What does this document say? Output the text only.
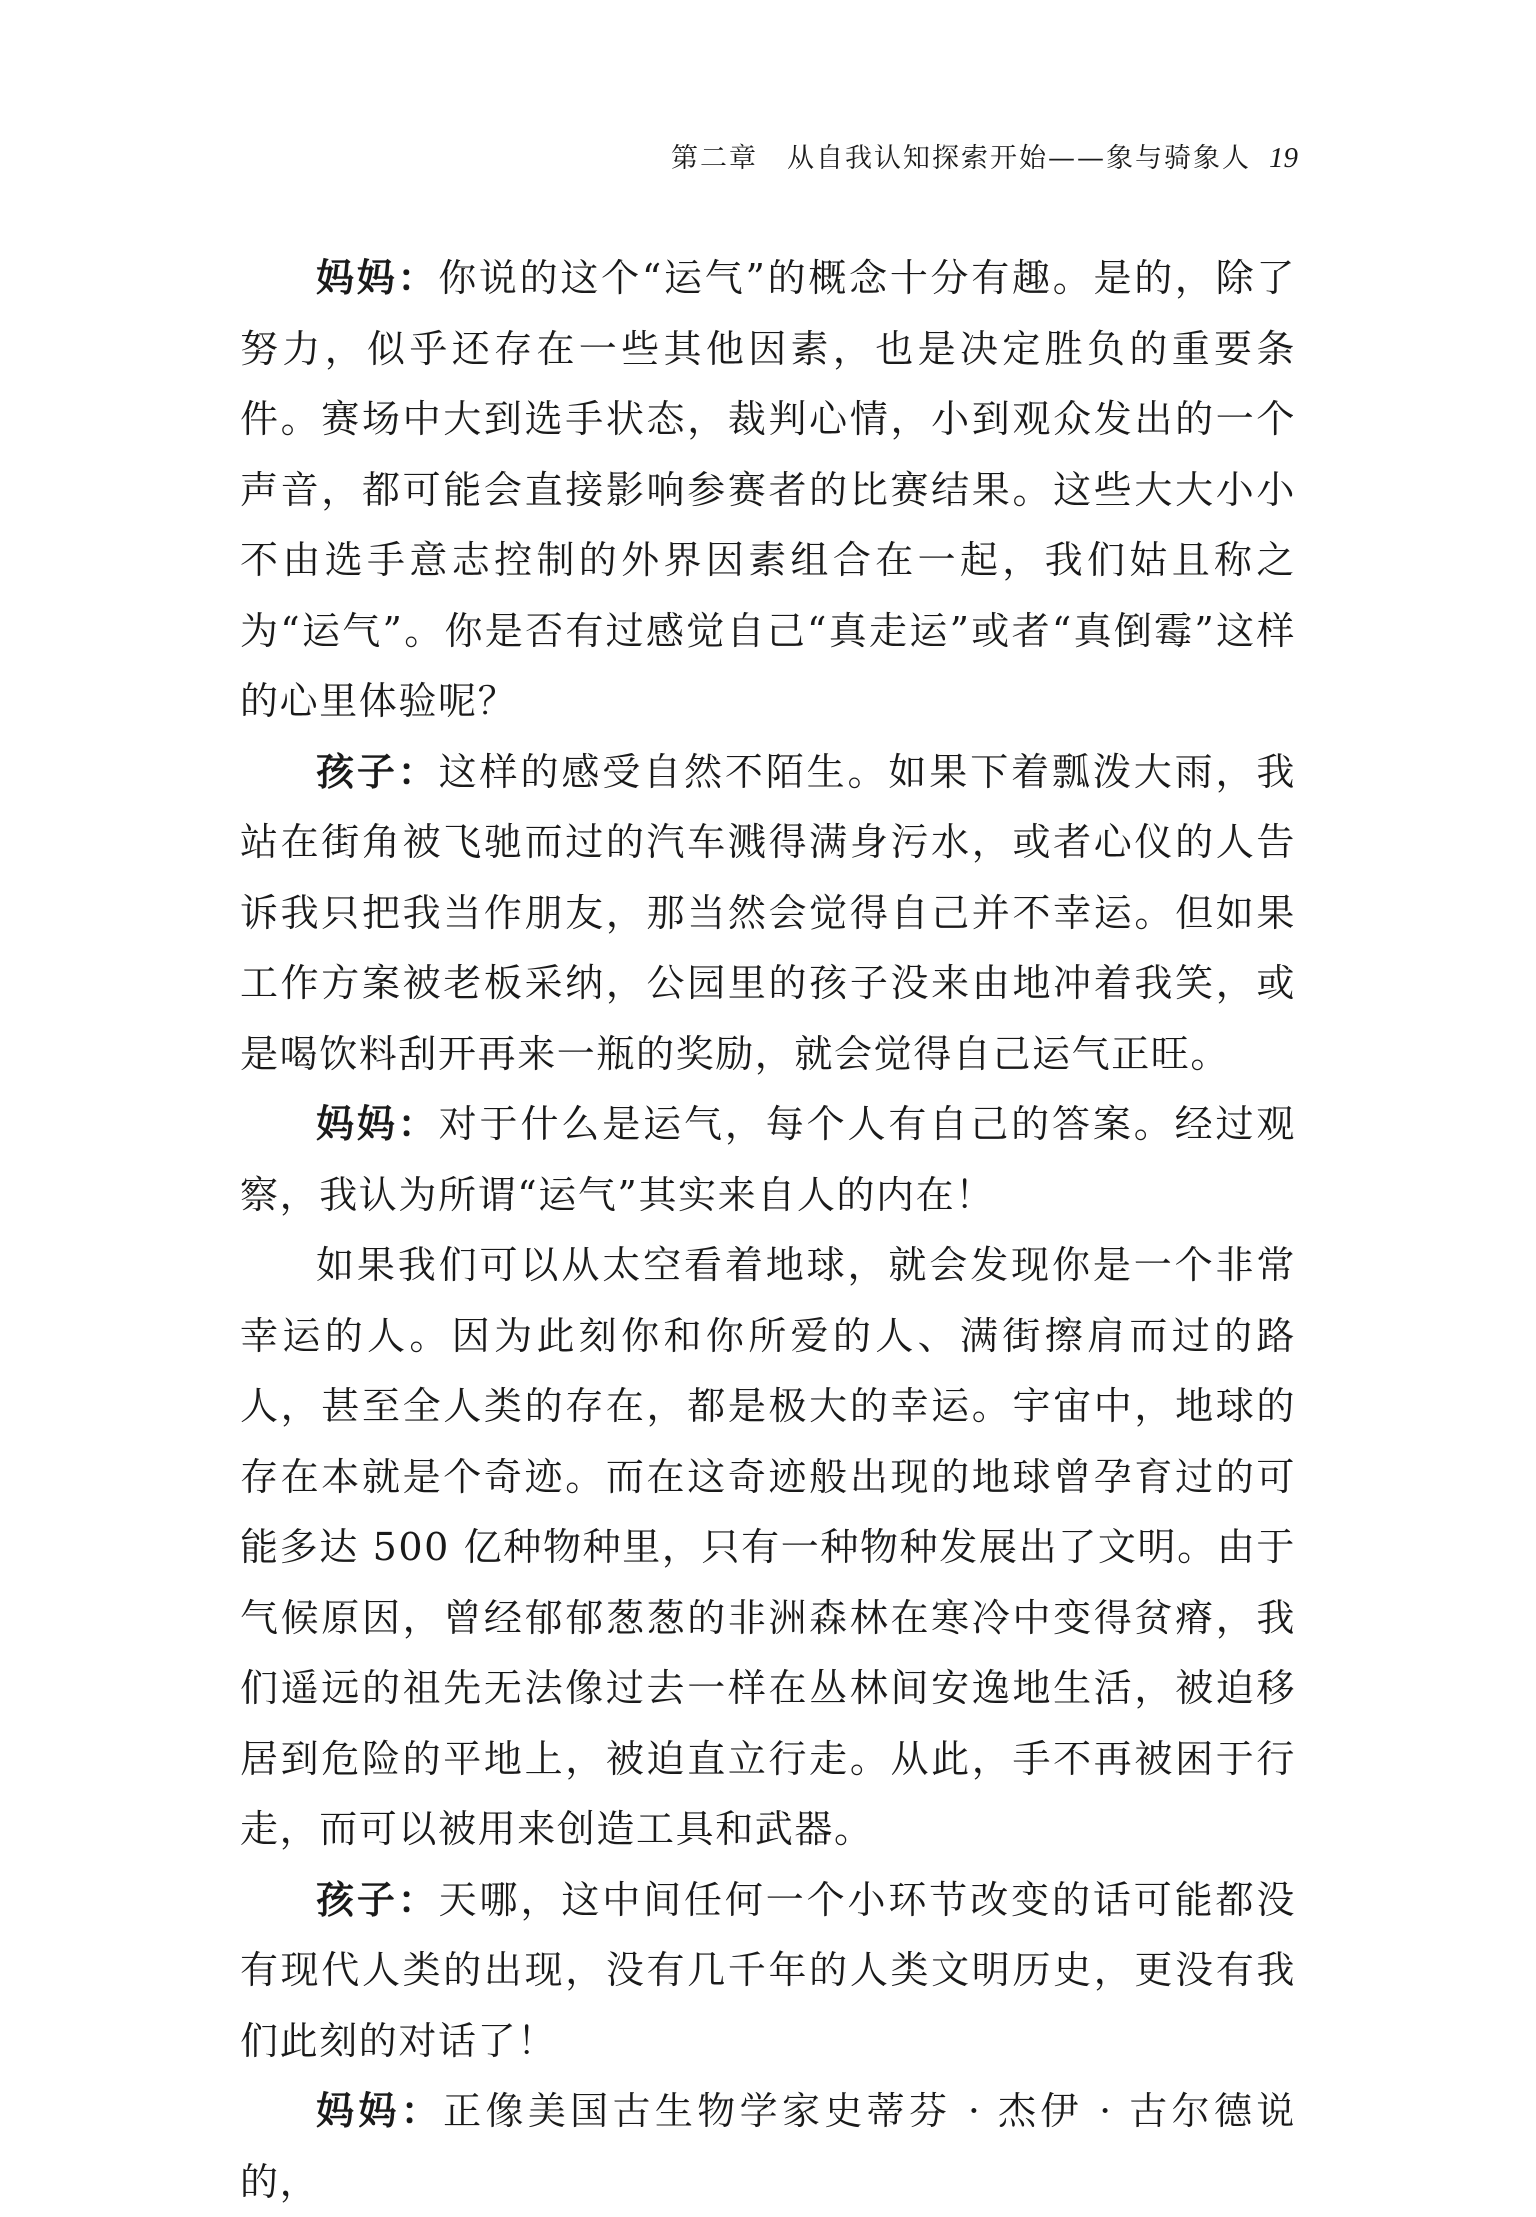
第二章　从自我认知探索开始——象与骑象人 19

妈妈：你说的这个“运气”的概念十分有趣。是的，除了努力，似乎还存在一些其他因素，也是决定胜负的重要条件。赛场中大到选手状态，裁判心情，小到观众发出的一个声音，都可能会直接影响参赛者的比赛结果。这些大大小小不由选手意志控制的外界因素组合在一起，我们姑且称之为“运气”。你是否有过感觉自己“真走运”或者“真倒霉”这样的心里体验呢？

孩子：这样的感受自然不陌生。如果下着瓢泼大雨，我站在街角被飞驰而过的汽车溅得满身污水，或者心仪的人告诉我只把我当作朋友，那当然会觉得自己并不幸运。但如果工作方案被老板采纳，公园里的孩子没来由地冲着我笑，或是喝饮料刮开再来一瓶的奖励，就会觉得自己运气正旺。

妈妈：对于什么是运气，每个人有自己的答案。经过观察，我认为所谓“运气”其实来自人的内在！

如果我们可以从太空看着地球，就会发现你是一个非常幸运的人。因为此刻你和你所爱的人、满街擦肩而过的路人，甚至全人类的存在，都是极大的幸运。宇宙中，地球的存在本就是个奇迹。而在这奇迹般出现的地球曾孕育过的可能多达 500 亿种物种里，只有一种物种发展出了文明。由于气候原因，曾经郁郁葱葱的非洲森林在寒冷中变得贫瘠，我们遥远的祖先无法像过去一样在丛林间安逸地生活，被迫移居到危险的平地上，被迫直立行走。从此，手不再被困于行走，而可以被用来创造工具和武器。

孩子：天哪，这中间任何一个小环节改变的话可能都没有现代人类的出现，没有几千年的人类文明历史，更没有我们此刻的对话了！

妈妈：正像美国古生物学家史蒂芬 · 杰伊 · 古尔德说的，
